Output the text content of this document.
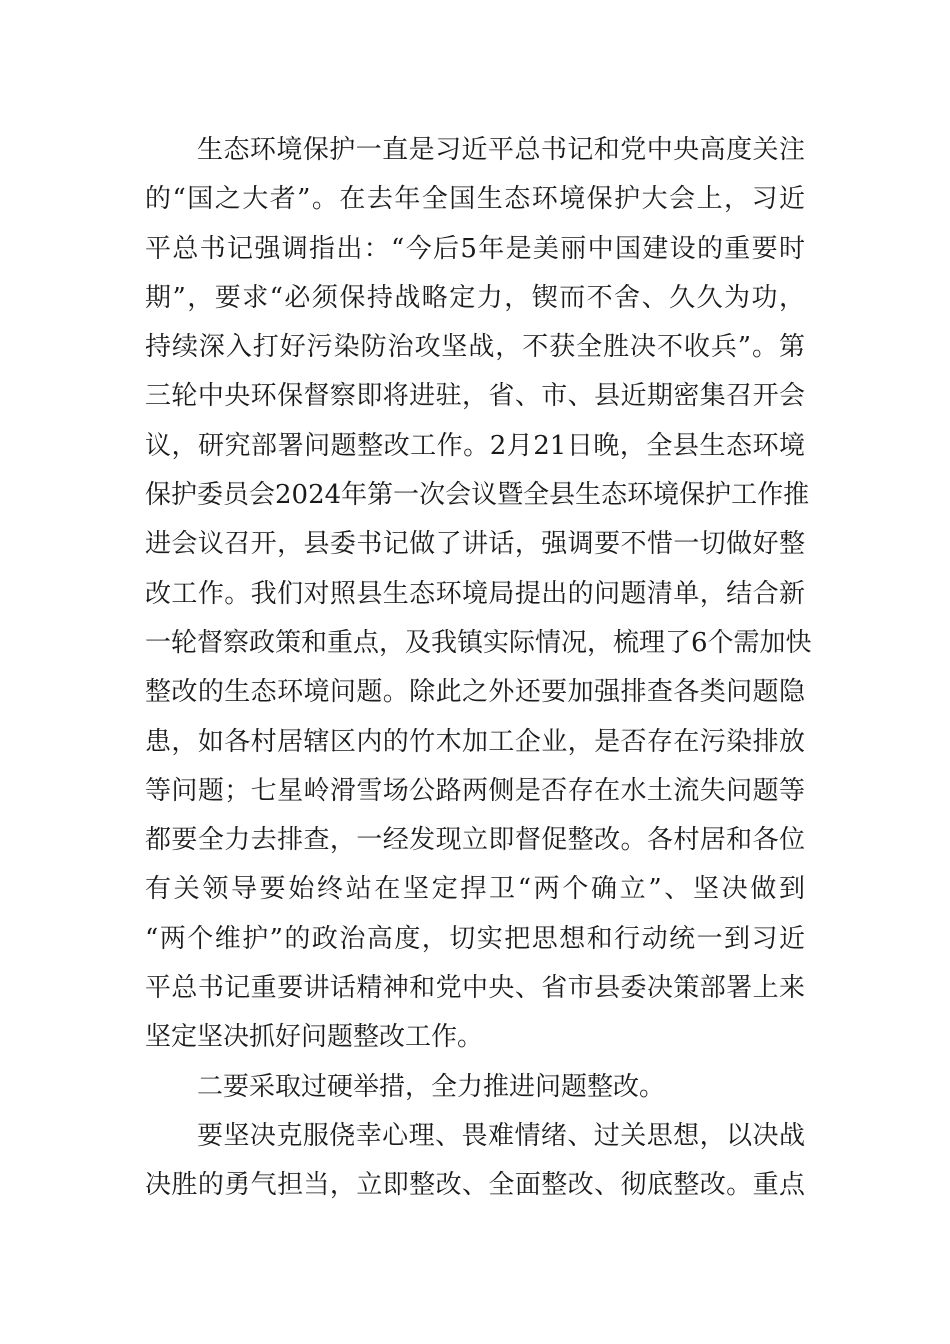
生态环境保护一直是习近平总书记和党中央高度关注
的“国之大者”。在去年全国生态环境保护大会上，习近
平总书记强调指出：“今后5年是美丽中国建设的重要时
期”，要求“必须保持战略定力，锲而不舍、久久为功，
持续深入打好污染防治攻坚战，不获全胜决不收兵”。第
三轮中央环保督察即将进驻，省、市、县近期密集召开会
议，研究部署问题整改工作。2月21日晚，全县生态环境
保护委员会2024年第一次会议暨全县生态环境保护工作推
进会议召开，县委书记做了讲话，强调要不惜一切做好整
改工作。我们对照县生态环境局提出的问题清单，结合新
一轮督察政策和重点，及我镇实际情况，梳理了6个需加快
整改的生态环境问题。除此之外还要加强排查各类问题隐
患，如各村居辖区内的竹木加工企业，是否存在污染排放
等问题；七星岭滑雪场公路两侧是否存在水土流失问题等
都要全力去排查，一经发现立即督促整改。各村居和各位
有关领导要始终站在坚定捍卫“两个确立”、坚决做到
“两个维护”的政治高度，切实把思想和行动统一到习近
平总书记重要讲话精神和党中央、省市县委决策部署上来
坚定坚决抓好问题整改工作。
二要采取过硬举措，全力推进问题整改。
要坚决克服侥幸心理、畏难情绪、过关思想，以决战
决胜的勇气担当，立即整改、全面整改、彻底整改。重点
